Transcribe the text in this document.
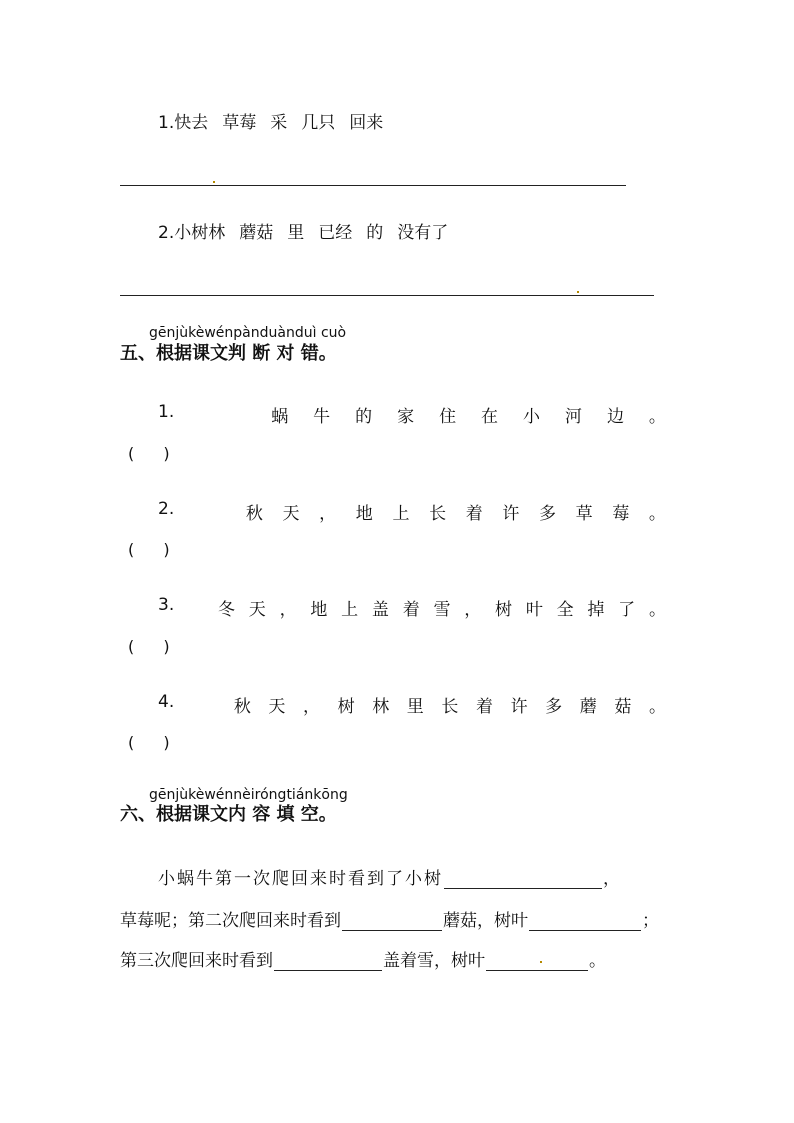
1.快去 草莓 采 几只 回来
2.小树林 蘑菇 里 已经 的 没有了
gēnjùkèwénpànduànduì cuò
五、根据课文判 断 对 错。
1.	蜗 牛 的 家 住 在 小 河 边 。
( )
2.	秋 天 ， 地 上 长 着 许 多 草 莓 。
( )
3.	冬 天 ， 地 上 盖 着 雪 ， 树 叶 全 掉 了 。
( )
4.	秋 天 ， 树 林 里 长 着 许 多 蘑 菇 。
( )
gēnjùkèwénnèiróngtiánkōng
六、根据课文内 容 填 空。
小蜗牛第一次爬回来时看到了小树	，
草莓呢；第二次爬回来时看到	蘑菇，树叶	；
第三次爬回来时看到	盖着雪，树叶	。
